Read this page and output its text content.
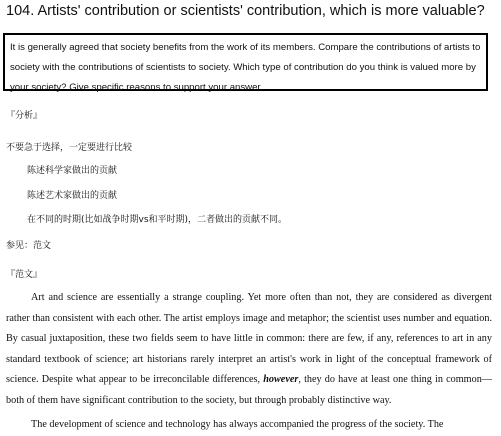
104. Artists' contribution or scientists' contribution, which is more valuable?
It is generally agreed that society benefits from the work of its members. Compare the contributions of artists to society with the contributions of scientists to society. Which type of contribution do you think is valued more by your society? Give specific reasons to support your answer.
『分析』
不要急于选择，一定要进行比较
陈述科学家做出的贡献
陈述艺术家做出的贡献
在不同的时期(比如战争时期vs和平时期)，二者做出的贡献不同。
参见：范文
『范文』

Art and science are essentially a strange coupling. Yet more often than not, they are considered as divergent rather than consistent with each other. The artist employs image and metaphor; the scientist uses number and equation. By casual juxtaposition, these two fields seem to have little in common: there are few, if any, references to art in any standard textbook of science; art historians rarely interpret an artist's work in light of the conceptual framework of science. Despite what appear to be irreconcilable differences, however, they do have at least one thing in common—both of them have significant contribution to the society, but through probably distinctive way.

The development of science and technology has always accompanied the progress of the society. The
